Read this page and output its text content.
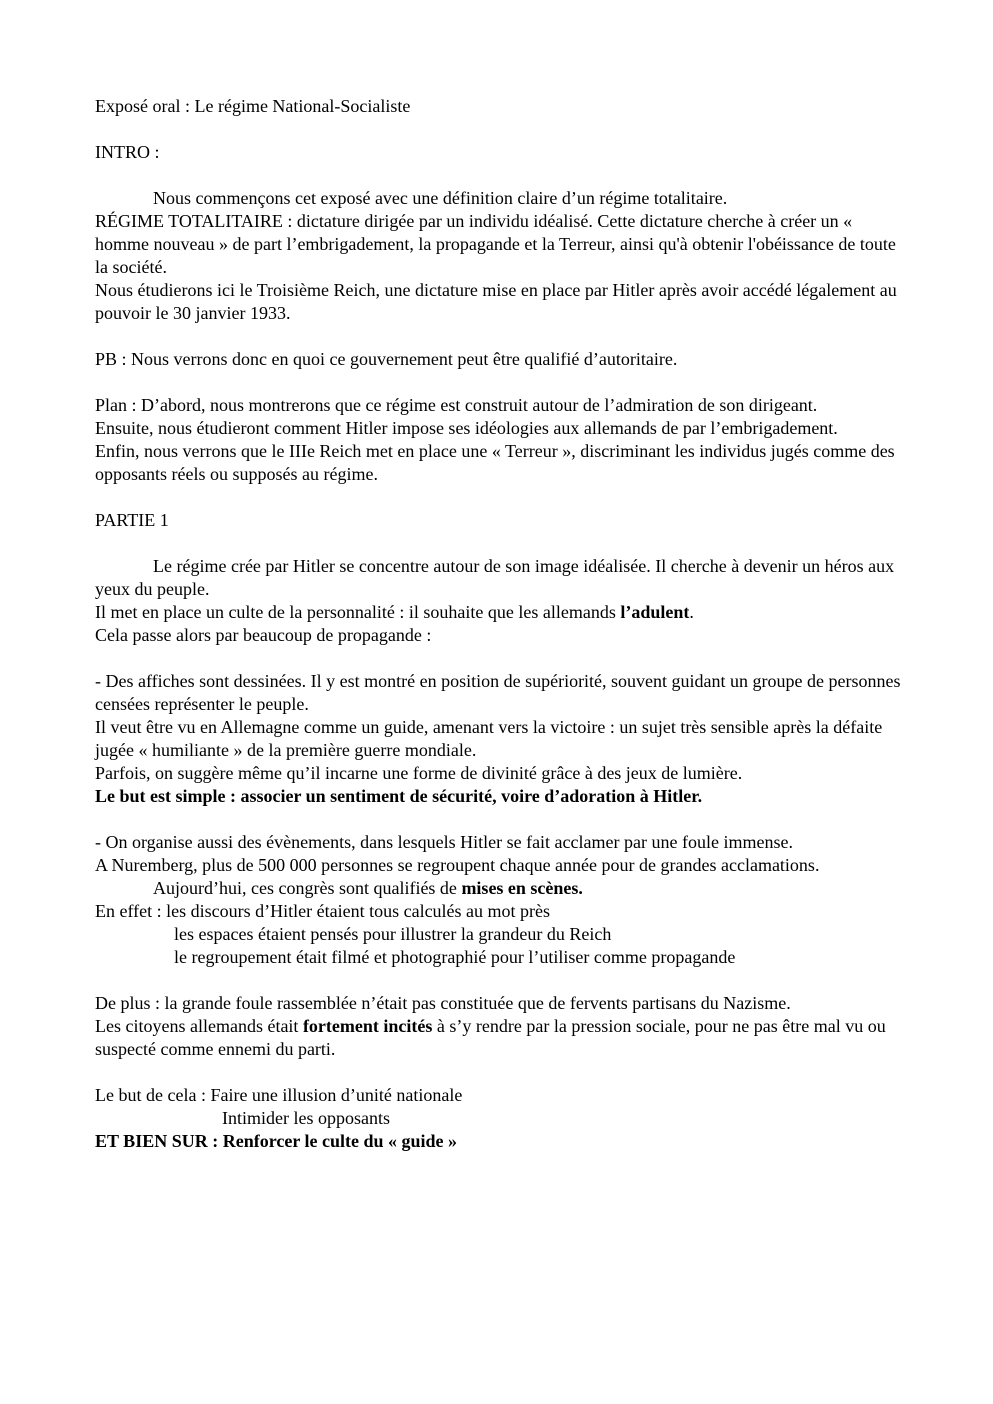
Exposé oral : Le régime National-Socialiste

INTRO :

Nous commençons cet exposé avec une définition claire d’un régime totalitaire.

RÉGIME TOTALITAIRE : dictature dirigée par un individu idéalisé. Cette dictature cherche à créer un « homme nouveau » de part l’embrigadement, la propagande et la Terreur, ainsi qu'à obtenir l'obéissance de toute la société.

Nous étudierons ici le Troisième Reich, une dictature mise en place par Hitler après avoir accédé légalement au pouvoir le 30 janvier 1933.

PB : Nous verrons donc en quoi ce gouvernement peut être qualifié d’autoritaire.

Plan : D’abord, nous montrerons que ce régime est construit autour de l’admiration de son dirigeant.

Ensuite, nous étudieront comment Hitler impose ses idéologies aux allemands de par l’embrigadement.

Enfin, nous verrons que le IIIe Reich met en place une « Terreur », discriminant les individus jugés comme des opposants réels ou supposés au régime.

PARTIE 1

Le régime crée par Hitler se concentre autour de son image idéalisée. Il cherche à devenir un héros aux yeux du peuple.

Il met en place un culte de la personnalité : il souhaite que les allemands l’adulent.

Cela passe alors par beaucoup de propagande :

- Des affiches sont dessinées. Il y est montré en position de supériorité, souvent guidant un groupe de personnes censées représenter le peuple.

Il veut être vu en Allemagne comme un guide, amenant vers la victoire : un sujet très sensible après la défaite jugée « humiliante » de la première guerre mondiale.

Parfois, on suggère même qu’il incarne une forme de divinité grâce à des jeux de lumière.

Le but est simple : associer un sentiment de sécurité, voire d’adoration à Hitler.

- On organise aussi des évènements, dans lesquels Hitler se fait acclamer par une foule immense.

A Nuremberg, plus de 500 000 personnes se regroupent chaque année pour de grandes acclamations.

Aujourd’hui, ces congrès sont qualifiés de mises en scènes.

En effet : les discours d’Hitler étaient tous calculés au mot près
les espaces étaient pensés pour illustrer la grandeur du Reich
le regroupement était filmé et photographié pour l’utiliser comme propagande

De plus : la grande foule rassemblée n’était pas constituée que de fervents partisans du Nazisme.

Les citoyens allemands était fortement incités à s’y rendre par la pression sociale, pour ne pas être mal vu ou suspecté comme ennemi du parti.

Le but de cela : Faire une illusion d’unité nationale
Intimider les opposants
ET BIEN SUR : Renforcer le culte du « guide »
